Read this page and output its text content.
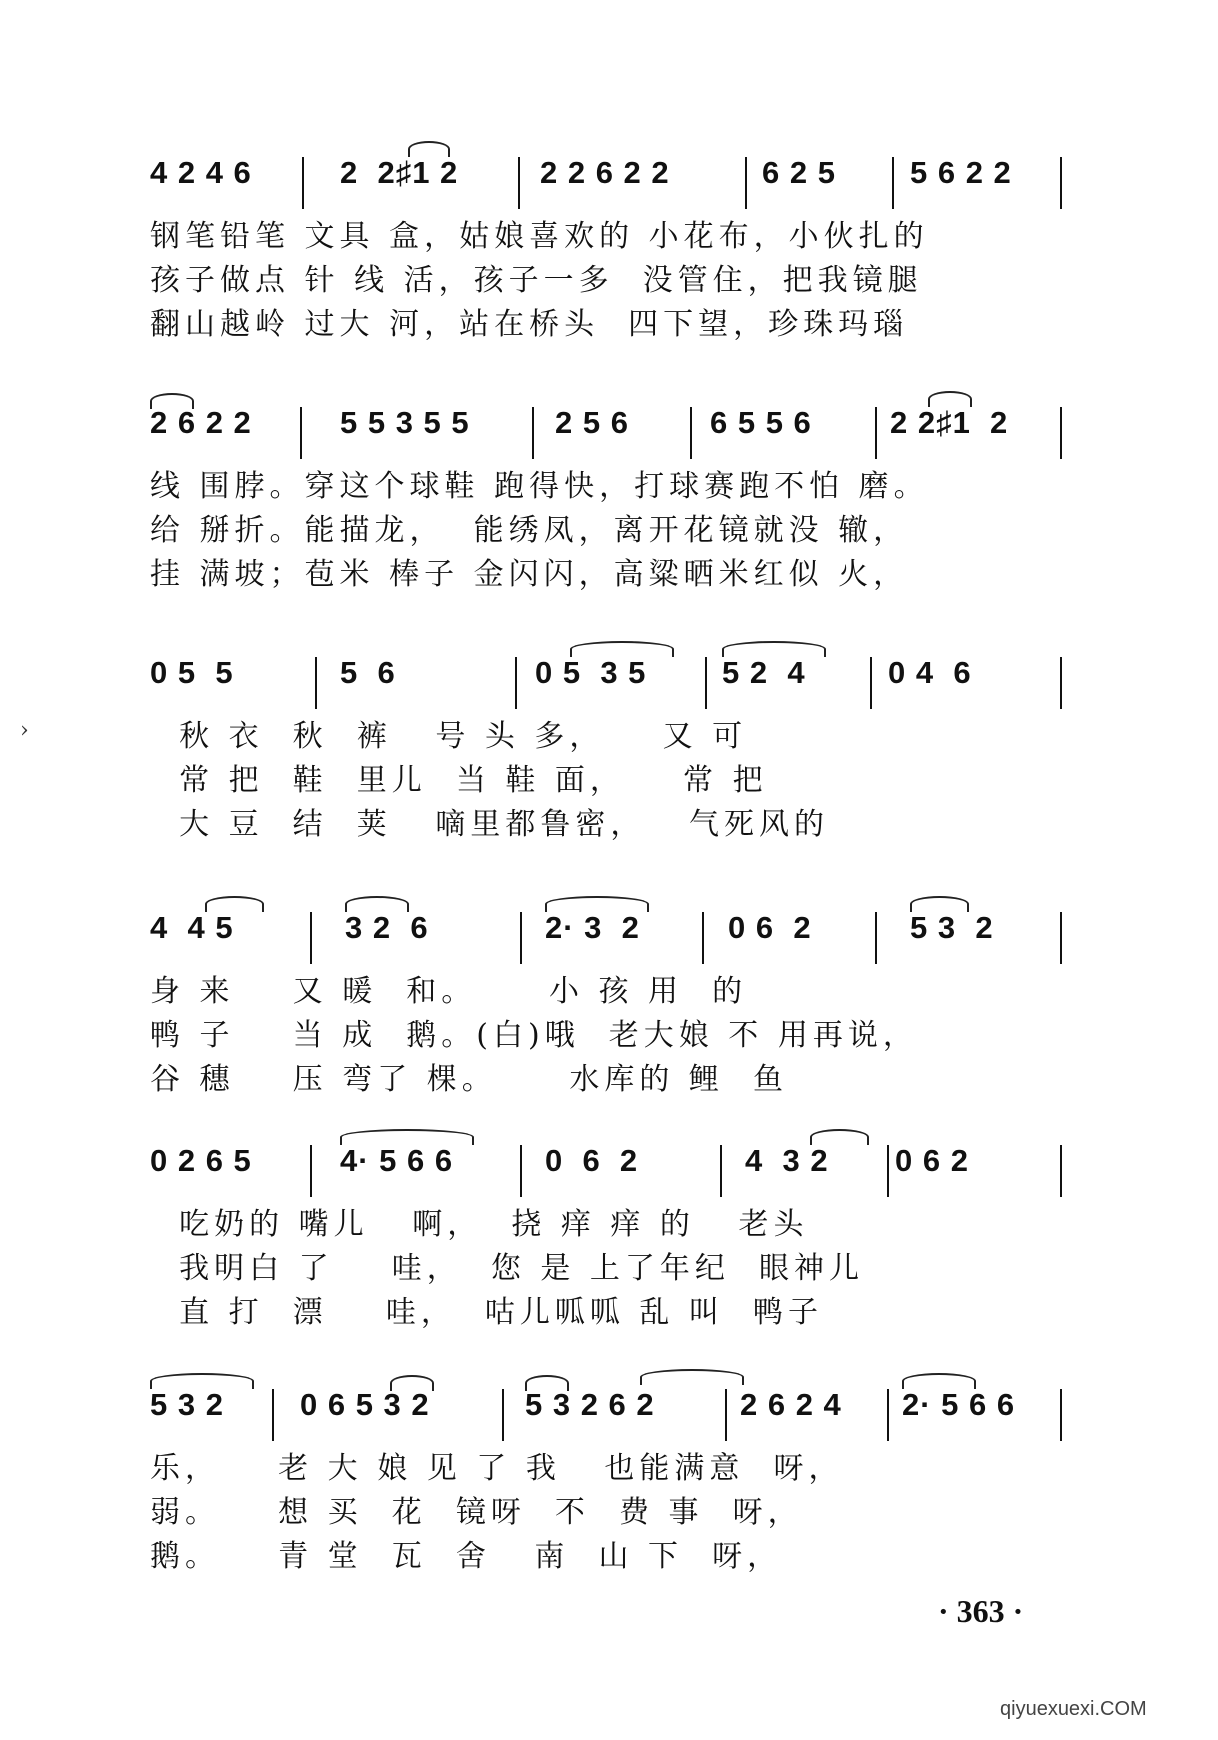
4 2 4 6	2  2♯1 2	2 2 6 2 2	6 2 5 5 6 2 2
钢笔铅笔 文具 盒，姑娘喜欢的 小花布，小伙扎的
孩子做点 针 线 活，孩子一多  没管住，把我镜腿
翻山越岭 过大 河，站在桥头  四下望，珍珠玛瑙
2 6 2 2	5 5 3 5 5	2 5 6	6 5 5 6	2 2♯1  2
线 围脖。穿这个球鞋 跑得快，打球赛跑不怕 磨。
给 掰折。能描龙，  能绣凤，离开花镜就没 辙，
挂 满坡；苞米 棒子 金闪闪，高粱晒米红似 火，
0 5  5	5  6	0 5  3 5 5 2  4	0 4  6
秋 衣  秋  裤   号 头 多，    又 可
常 把  鞋  里儿  当 鞋 面，    常 把
大 豆  结  荚   嘀里都鲁密，   气死风的
4  4 5	3 2  6	2· 3  2	0 6  2	5 3  2
身 来    又 暖  和。     小 孩 用  的
鸭 子    当 成  鹅。(白)哦  老大娘 不 用再说，
谷 穗    压 弯了 棵。     水库的 鲤  鱼
0 2 6 5	4· 5 6 6	0  6  2	4  3 2 0 6 2
吃奶的 嘴儿   啊，  挠 痒 痒 的   老头
我明白 了    哇，  您 是 上了年纪  眼神儿
直 打  漂    哇，  咕儿呱呱 乱 叫  鸭子
5 3 2 0 6 5 3 2	5 3 2 6 2	2 6 2 4 2· 5 6 6
乐，    老 大 娘 见 了 我   也能满意  呀，
弱。    想 买  花  镜呀  不  费 事  呀，
鹅。    青 堂  瓦  舍   南  山 下  呀，
›
· 363 ·
qiyuexuexi.COM
